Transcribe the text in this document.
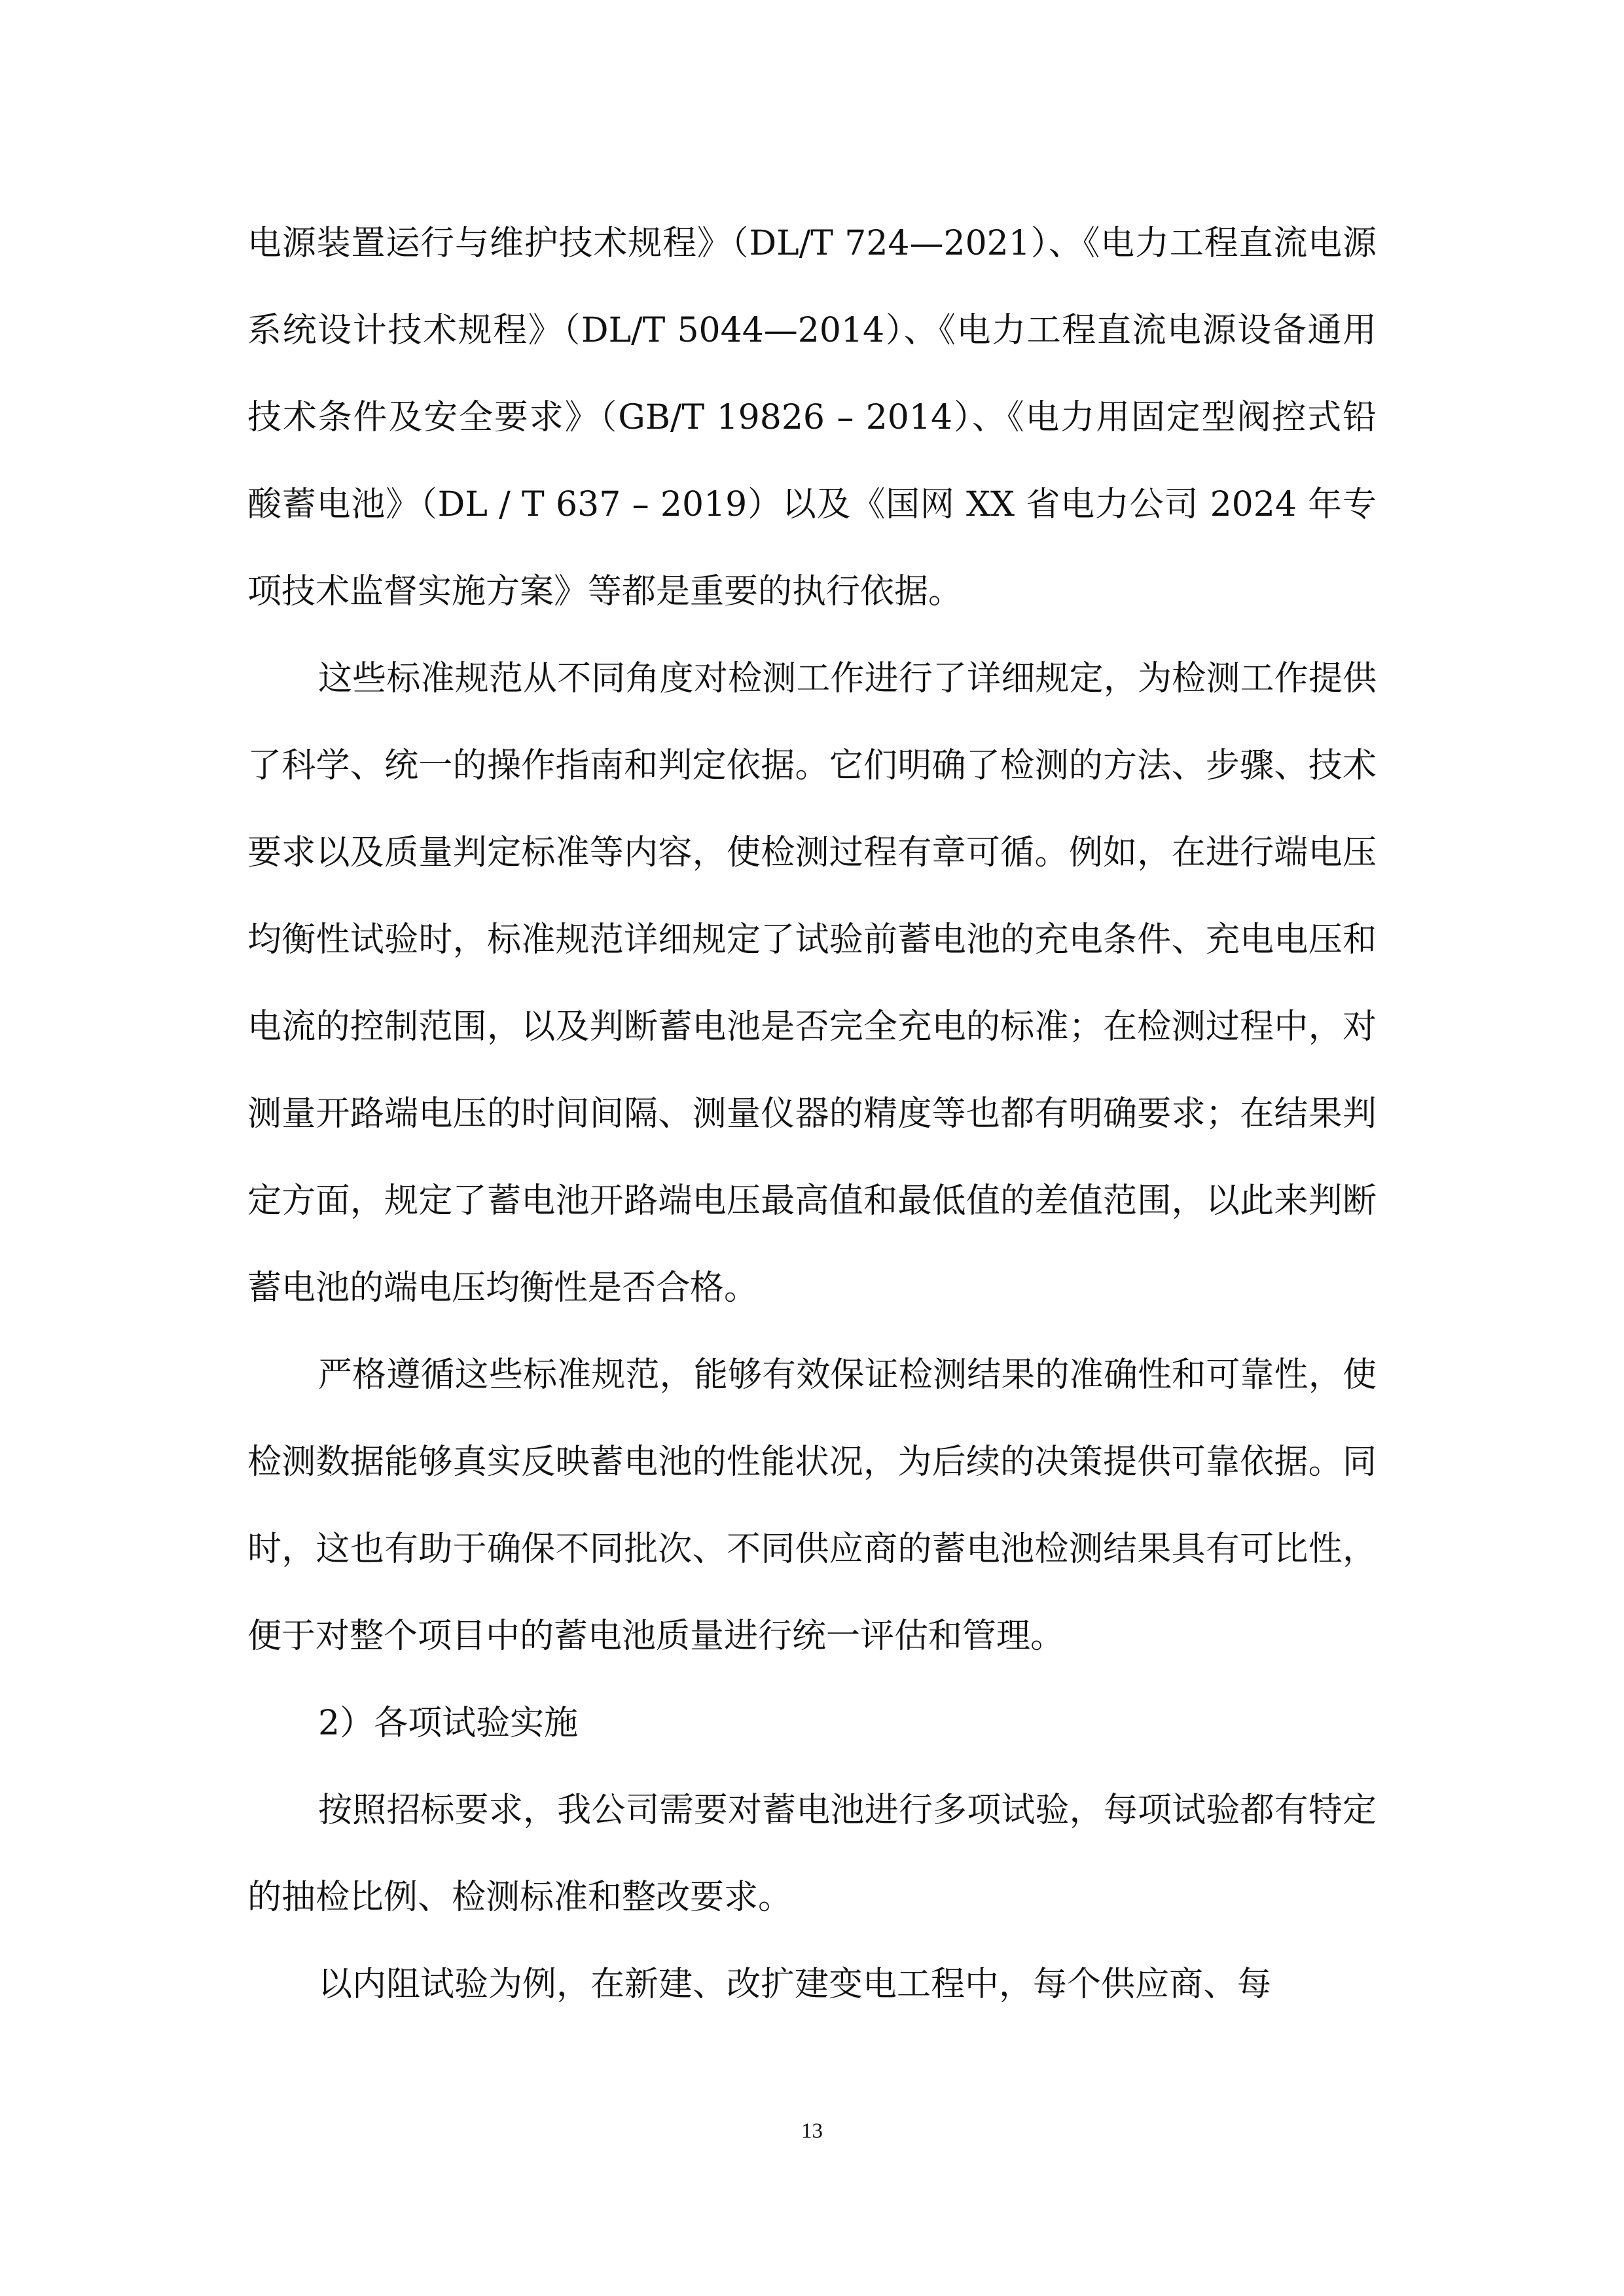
电源装置运行与维护技术规程》（DL/T 724—2021）、《电力工程直流电源系统设计技术规程》（DL/T 5044—2014）、《电力工程直流电源设备通用技术条件及安全要求》（GB/T 19826 – 2014）、《电力用固定型阀控式铅酸蓄电池》（DL / T 637 – 2019）以及《国网 XX 省电力公司 2024 年专项技术监督实施方案》等都是重要的执行依据。

这些标准规范从不同角度对检测工作进行了详细规定，为检测工作提供了科学、统一的操作指南和判定依据。它们明确了检测的方法、步骤、技术要求以及质量判定标准等内容，使检测过程有章可循。例如，在进行端电压均衡性试验时，标准规范详细规定了试验前蓄电池的充电条件、充电电压和电流的控制范围，以及判断蓄电池是否完全充电的标准；在检测过程中，对测量开路端电压的时间间隔、测量仪器的精度等也都有明确要求；在结果判定方面，规定了蓄电池开路端电压最高值和最低值的差值范围，以此来判断蓄电池的端电压均衡性是否合格。

严格遵循这些标准规范，能够有效保证检测结果的准确性和可靠性，使检测数据能够真实反映蓄电池的性能状况，为后续的决策提供可靠依据。同时，这也有助于确保不同批次、不同供应商的蓄电池检测结果具有可比性，便于对整个项目中的蓄电池质量进行统一评估和管理。

2）各项试验实施

按照招标要求，我公司需要对蓄电池进行多项试验，每项试验都有特定的抽检比例、检测标准和整改要求。

以内阻试验为例，在新建、改扩建变电工程中，每个供应商、每

13
